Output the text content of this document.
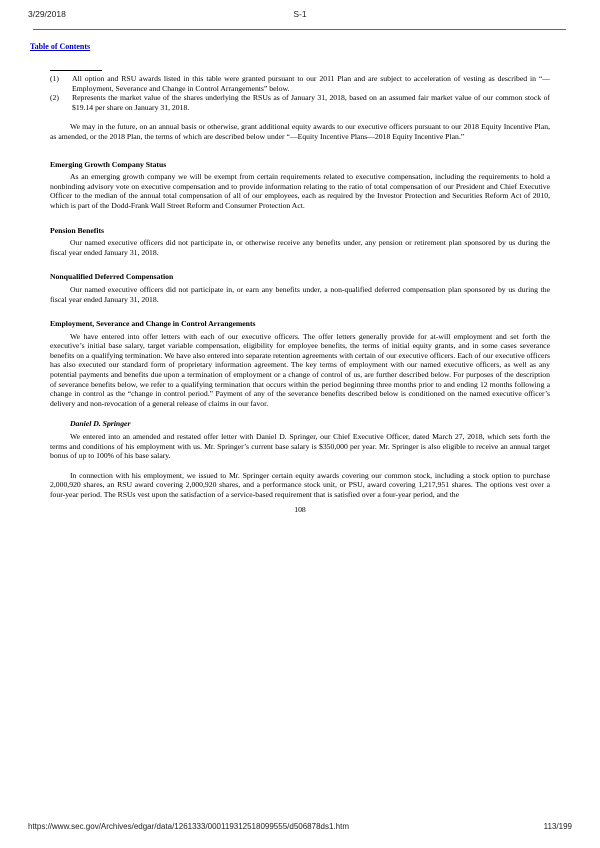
3/29/2018	S-1
Table of Contents
(1)	All option and RSU awards listed in this table were granted pursuant to our 2011 Plan and are subject to acceleration of vesting as described in “—Employment, Severance and Change in Control Arrangements” below.
(2)	Represents the market value of the shares underlying the RSUs as of January 31, 2018, based on an assumed fair market value of our common stock of $19.14 per share on January 31, 2018.

We may in the future, on an annual basis or otherwise, grant additional equity awards to our executive officers pursuant to our 2018 Equity Incentive Plan, as amended, or the 2018 Plan, the terms of which are described below under “—Equity Incentive Plans—2018 Equity Incentive Plan.”

Emerging Growth Company Status

As an emerging growth company we will be exempt from certain requirements related to executive compensation, including the requirements to hold a nonbinding advisory vote on executive compensation and to provide information relating to the ratio of total compensation of our President and Chief Executive Officer to the median of the annual total compensation of all of our employees, each as required by the Investor Protection and Securities Reform Act of 2010, which is part of the Dodd-Frank Wall Street Reform and Consumer Protection Act.

Pension Benefits

Our named executive officers did not participate in, or otherwise receive any benefits under, any pension or retirement plan sponsored by us during the fiscal year ended January 31, 2018.

Nonqualified Deferred Compensation

Our named executive officers did not participate in, or earn any benefits under, a non-qualified deferred compensation plan sponsored by us during the fiscal year ended January 31, 2018.

Employment, Severance and Change in Control Arrangements

We have entered into offer letters with each of our executive officers. The offer letters generally provide for at-will employment and set forth the executive’s initial base salary, target variable compensation, eligibility for employee benefits, the terms of initial equity grants, and in some cases severance benefits on a qualifying termination. We have also entered into separate retention agreements with certain of our executive officers. Each of our executive officers has also executed our standard form of proprietary information agreement. The key terms of employment with our named executive officers, as well as any potential payments and benefits due upon a termination of employment or a change of control of us, are further described below. For purposes of the description of severance benefits below, we refer to a qualifying termination that occurs within the period beginning three months prior to and ending 12 months following a change in control as the “change in control period.” Payment of any of the severance benefits described below is conditioned on the named executive officer’s delivery and non-revocation of a general release of claims in our favor.

Daniel D. Springer

We entered into an amended and restated offer letter with Daniel D. Springer, our Chief Executive Officer, dated March 27, 2018, which sets forth the terms and conditions of his employment with us. Mr. Springer’s current base salary is $350,000 per year. Mr. Springer is also eligible to receive an annual target bonus of up to 100% of his base salary.

In connection with his employment, we issued to Mr. Springer certain equity awards covering our common stock, including a stock option to purchase 2,000,920 shares, an RSU award covering 2,000,920 shares, and a performance stock unit, or PSU, award covering 1,217,951 shares. The options vest over a four-year period. The RSUs vest upon the satisfaction of a service-based requirement that is satisfied over a four-year period, and the

108
https://www.sec.gov/Archives/edgar/data/1261333/000119312518099555/d506878ds1.htm	113/199
